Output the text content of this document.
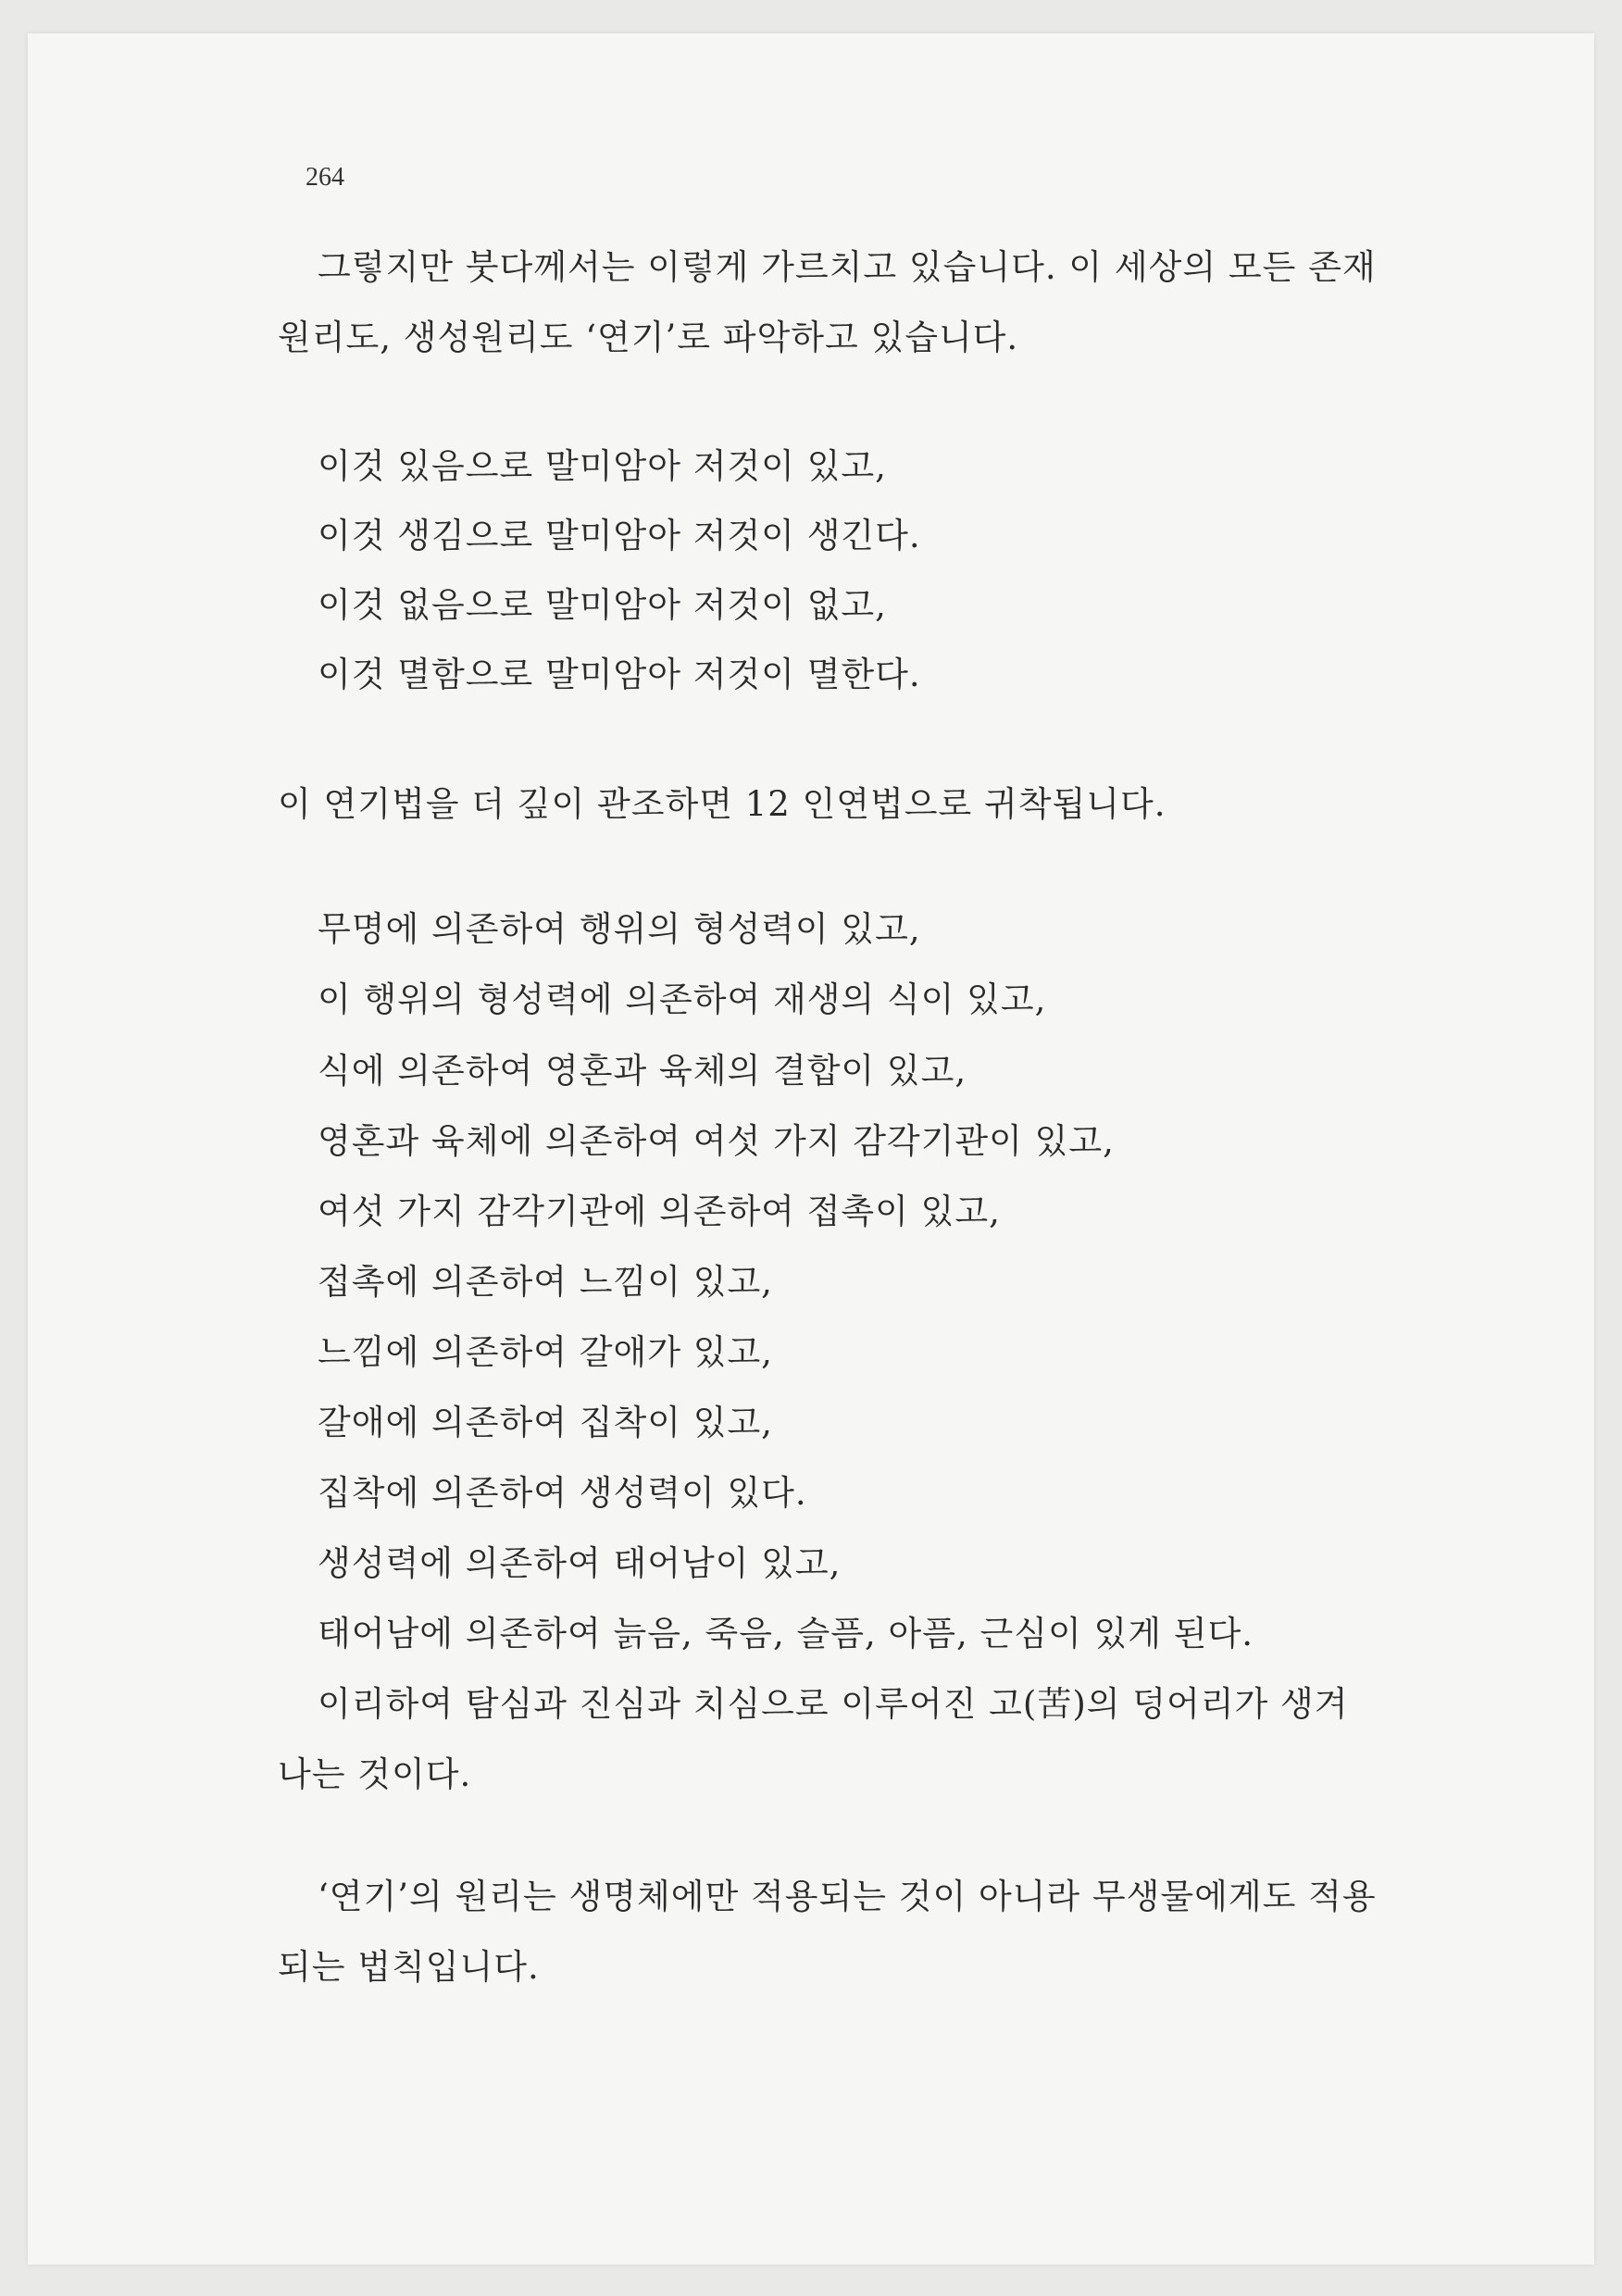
264
그렇지만 붓다께서는 이렇게 가르치고 있습니다. 이 세상의 모든 존재
원리도, 생성원리도 ‘연기’로 파악하고 있습니다.
이것 있음으로 말미암아 저것이 있고,
이것 생김으로 말미암아 저것이 생긴다.
이것 없음으로 말미암아 저것이 없고,
이것 멸함으로 말미암아 저것이 멸한다.
이 연기법을 더 깊이 관조하면 12 인연법으로 귀착됩니다.
무명에 의존하여 행위의 형성력이 있고,
이 행위의 형성력에 의존하여 재생의 식이 있고,
식에 의존하여 영혼과 육체의 결합이 있고,
영혼과 육체에 의존하여 여섯 가지 감각기관이 있고,
여섯 가지 감각기관에 의존하여 접촉이 있고,
접촉에 의존하여 느낌이 있고,
느낌에 의존하여 갈애가 있고,
갈애에 의존하여 집착이 있고,
집착에 의존하여 생성력이 있다.
생성력에 의존하여 태어남이 있고,
태어남에 의존하여 늙음, 죽음, 슬픔, 아픔, 근심이 있게 된다.
이리하여 탐심과 진심과 치심으로 이루어진 고(苦)의 덩어리가 생겨
나는 것이다.
‘연기’의 원리는 생명체에만 적용되는 것이 아니라 무생물에게도 적용
되는 법칙입니다.
